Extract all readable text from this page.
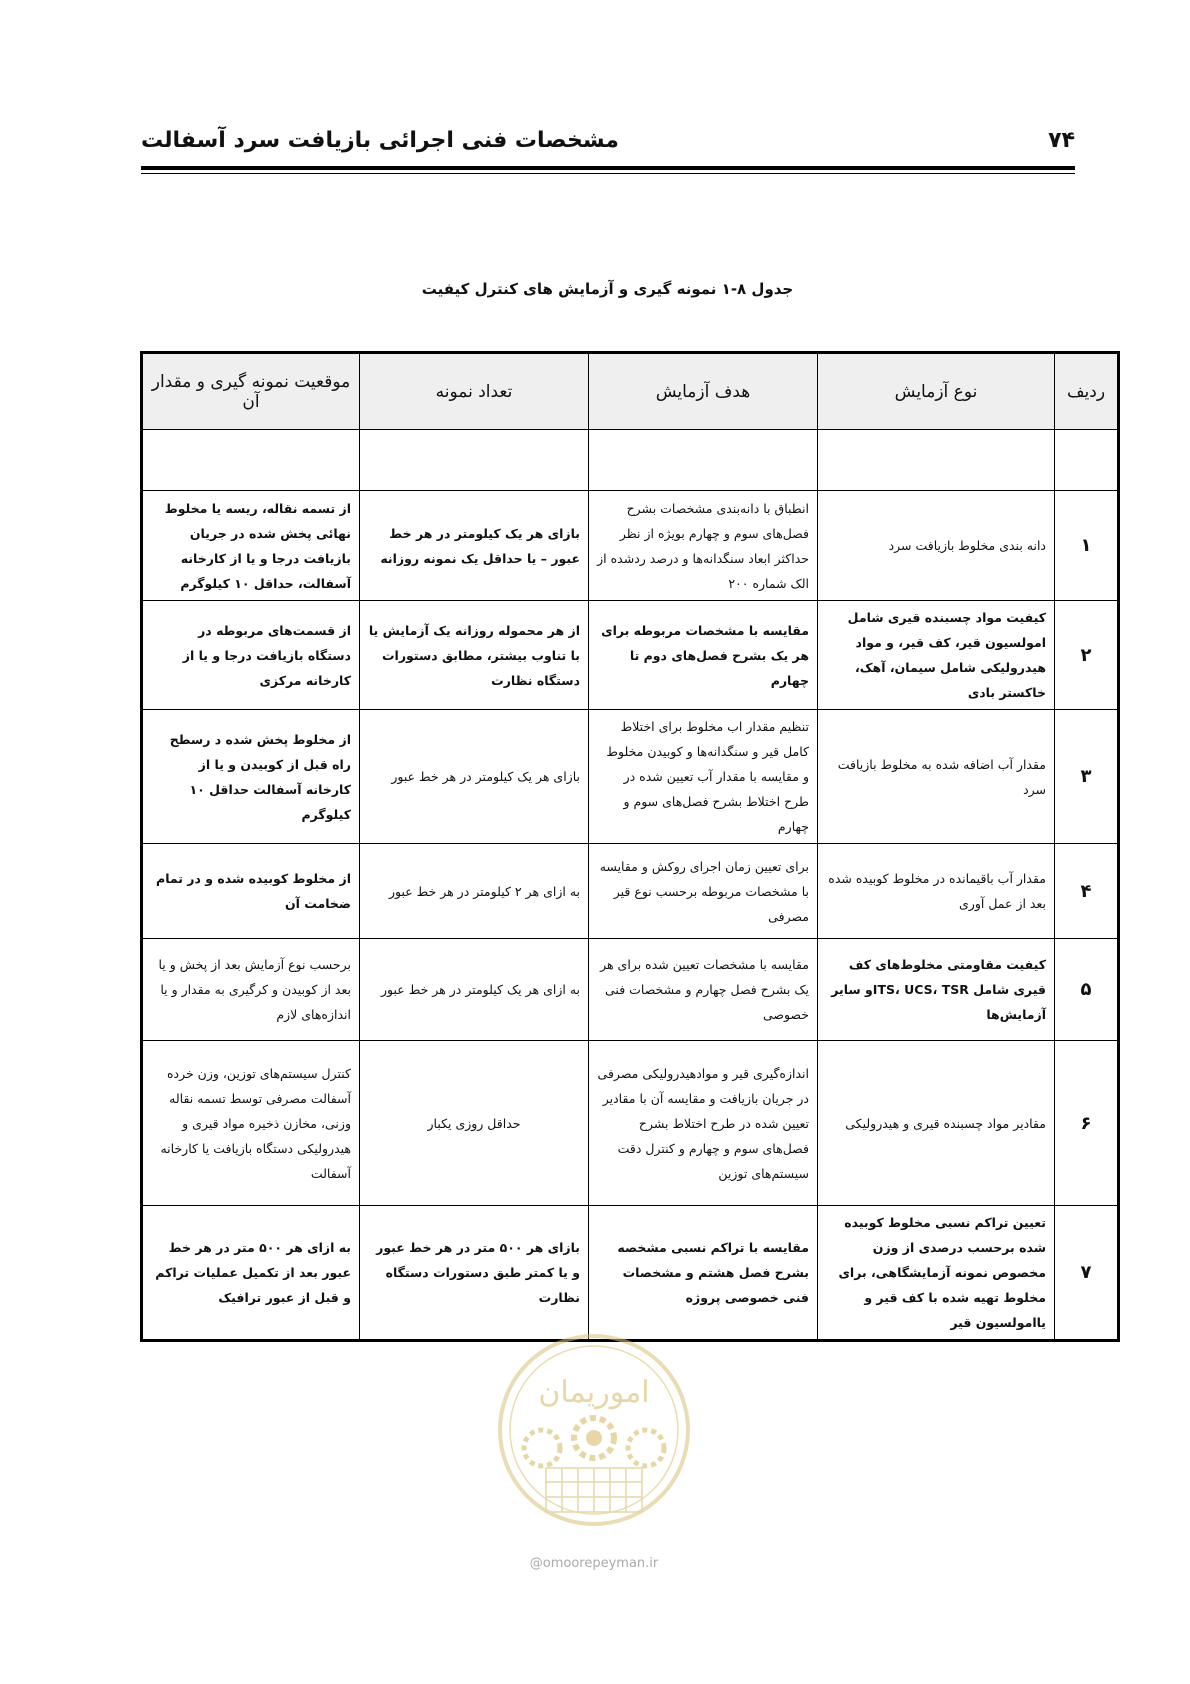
۷۴
مشخصات فنی اجرائی بازیافت سرد آسفالت
جدول ۸-۱ نمونه گیری و آزمایش های کنترل کیفیت
ردیف	نوع آزمایش	هدف آزمایش	تعداد نمونه	موقعیت نمونه گیری و مقدار آن

۱	دانه بندی مخلوط بازیافت سرد	انطباق با دانه‌بندی مشخصات بشرح فصل‌های سوم و چهارم بویژه از نظر حداکثر ابعاد سنگدانه‌ها و درصد ردشده از الک شماره ۲۰۰	بازای هر یک کیلومتر در هر خط عبور – یا حداقل یک نمونه روزانه	از تسمه نقاله، ریسه یا مخلوط نهائی پخش شده در جریان بازیافت درجا و یا از کارخانه آسفالت، حداقل ۱۰ کیلوگرم
۲	کیفیت مواد چسبنده قیری شامل امولسیون قیر، کف قیر، و مواد هیدرولیکی شامل سیمان، آهک، خاکستر بادی	مقایسه با مشخصات مربوطه برای هر یک بشرح فصل‌های دوم تا چهارم	از هر محموله روزانه یک آزمایش یا با تناوب بیشتر، مطابق دستورات دستگاه نظارت	از قسمت‌های مربوطه در دستگاه بازیافت درجا و یا از کارخانه مرکزی
۳	مقدار آب اضافه شده به مخلوط بازیافت سرد	تنظیم مقدار اب مخلوط برای اختلاط کامل قیر و سنگدانه‌ها و کوبیدن مخلوط و مقایسه با مقدار آب تعیین شده در طرح اختلاط بشرح فصل‌های سوم و چهارم	بازای هر یک کیلومتر در هر خط عبور	از مخلوط پخش شده د رسطح راه قبل از کوبیدن و یا از کارخانه آسفالت حداقل ۱۰ کیلوگرم
۴	مقدار آب باقیمانده در مخلوط کوبیده شده بعد از عمل آوری	برای تعیین زمان اجرای روکش و مقایسه با مشخصات مربوطه برحسب نوع قیر مصرفی	به ازای هر ۲ کیلومتر در هر خط عبور	از مخلوط کوبیده شده و در تمام ضخامت آن
۵	کیفیت مقاومتی مخلوط‌های کف قیری شامل ITS، UCS، TSRو سایر آزمایش‌ها	مقایسه با مشخصات تعیین شده برای هر یک بشرح فصل چهارم و مشخصات فنی خصوصی	به ازای هر یک کیلومتر در هر خط عبور	برحسب نوع آزمایش بعد از پخش و یا بعد از کوبیدن و کرگیری به مقدار و یا اندازه‌های لازم
۶	مقادیر مواد چسبنده قیری و هیدرولیکی	اندازه‌گیری قیر و موادهیدرولیکی مصرفی در جریان بازیافت و مقایسه آن با مقادیر تعیین شده در طرح اختلاط بشرح فصل‌های سوم و چهارم و کنترل دقت سیستم‌های توزین	حداقل روزی یکبار	کنترل سیستم‌های توزین، وزن خرده آسفالت مصرفی توسط تسمه نقاله وزنی، مخازن ذخیره مواد قیری و هیدرولیکی دستگاه بازیافت یا کارخانه آسفالت
۷	تعیین تراکم نسبی مخلوط کوبیده شده برحسب درصدی از وزن مخصوص نمونه آزمایشگاهی، برای مخلوط تهیه شده با کف قیر و یاامولسیون قیر	مقایسه با تراکم نسبی مشخصه بشرح فصل هشتم و مشخصات فنی خصوصی پروژه	بازای هر ۵۰۰ متر در هر خط عبور و یا کمتر طبق دستورات دستگاه نظارت	به ازای هر ۵۰۰ متر در هر خط عبور بعد از تکمیل عملیات تراکم و قبل از عبور ترافیک
اموریمان
@omoorepeyman.ir
